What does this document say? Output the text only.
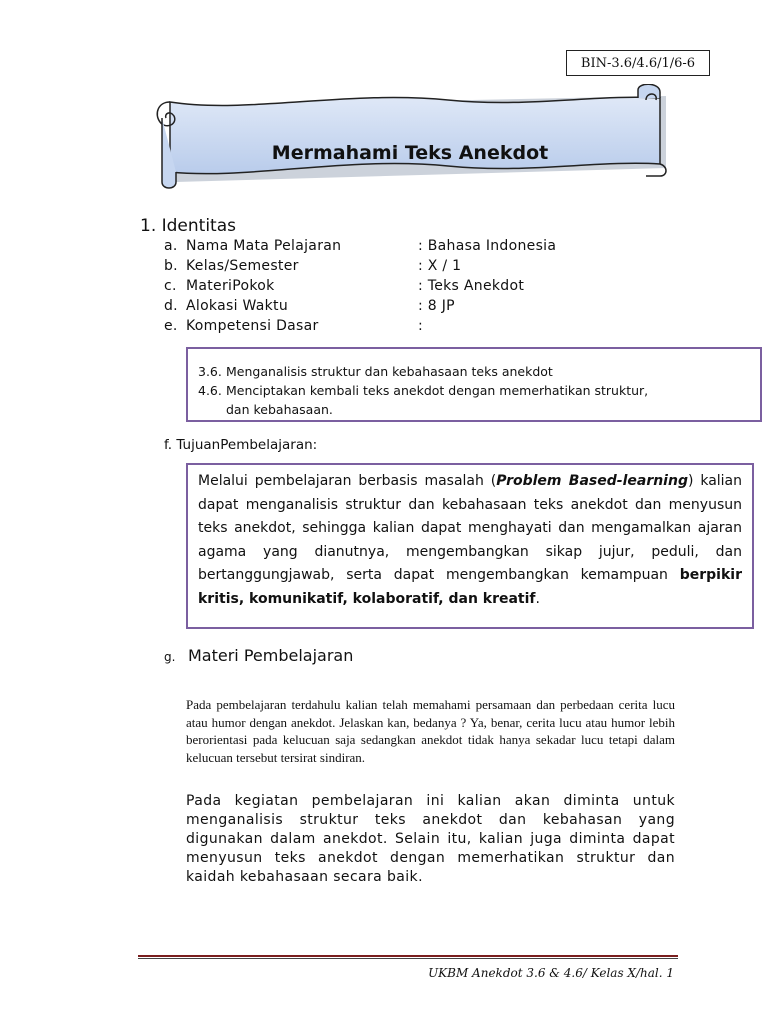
BIN-3.6/4.6/1/6-6
Mermahami Teks Anekdot
1. Identitas
a. Nama Mata Pelajaran	: Bahasa Indonesia
b. Kelas/Semester	: X / 1
c. MateriPokok	: Teks Anekdot
d. Alokasi Waktu	: 8 JP
e. Kompetensi Dasar	:
3.6. Menganalisis struktur dan kebahasaan teks anekdot
4.6. Menciptakan kembali teks anekdot dengan memerhatikan struktur, dan kebahasaan.
f. TujuanPembelajaran:
Melalui pembelajaran berbasis masalah (Problem Based-learning) kalian dapat menganalisis struktur dan kebahasaan teks anekdot dan menyusun teks anekdot, sehingga kalian dapat menghayati dan mengamalkan ajaran agama yang dianutnya, mengembangkan sikap jujur, peduli, dan bertanggungjawab, serta dapat mengembangkan kemampuan berpikir kritis, komunikatif, kolaboratif, dan kreatif.
g. Materi Pembelajaran
Pada pembelajaran terdahulu kalian telah memahami persamaan dan perbedaan cerita lucu atau humor dengan anekdot. Jelaskan kan, bedanya ? Ya, benar, cerita lucu atau humor lebih berorientasi pada kelucuan saja sedangkan anekdot tidak hanya sekadar lucu tetapi dalam kelucuan tersebut tersirat sindiran.
Pada kegiatan pembelajaran ini kalian akan diminta untuk menganalisis struktur teks anekdot dan kebahasan yang digunakan dalam anekdot. Selain itu, kalian juga diminta dapat menyusun teks anekdot dengan memerhatikan struktur dan kaidah kebahasaan secara baik.
UKBM Anekdot 3.6 & 4.6/ Kelas X/hal. 1
